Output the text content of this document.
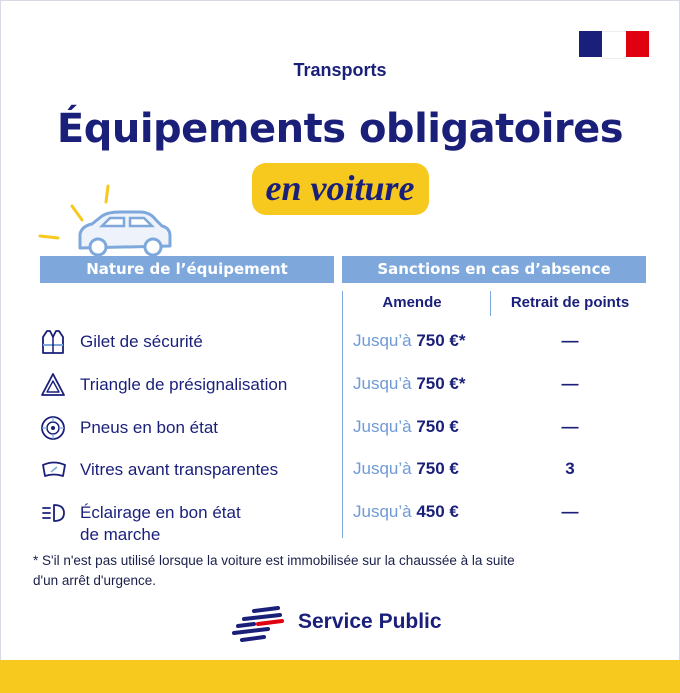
Transports
Équipements obligatoires
en voiture
Nature de l’équipement	Sanctions en cas d’absence
Amende	Retrait de points
Gilet de sécurité	Jusqu’à 750 €*	—
Triangle de présignalisation	Jusqu’à 750 €*	—
Pneus en bon état	Jusqu’à 750 €	—
Vitres avant transparentes	Jusqu’à 750 €	3
Éclairage en bon état
de marche
Jusqu’à 450 €	—
* S'il n'est pas utilisé lorsque la voiture est immobilisée sur la chaussée à la suite
d'un arrêt d'urgence.
Service Public
